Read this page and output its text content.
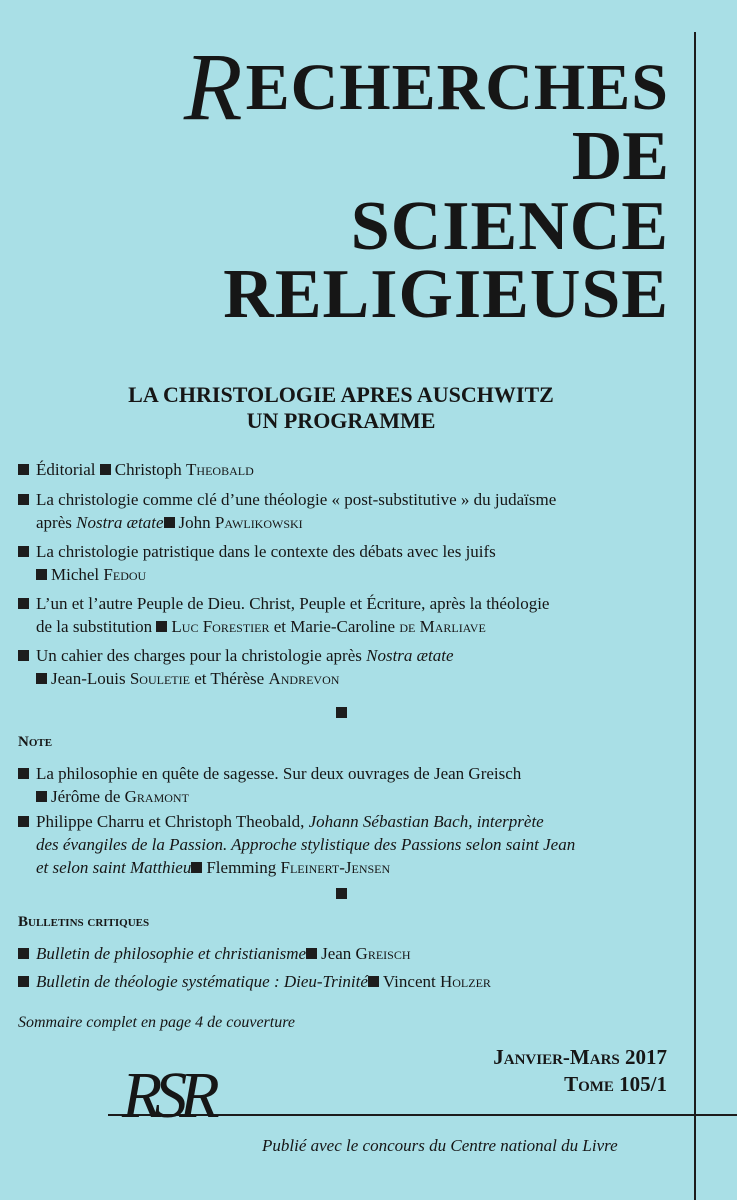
RECHERCHES
DE
SCIENCE
RELIGIEUSE
LA CHRISTOLOGIE APRES AUSCHWITZ
UN PROGRAMME
Éditorial Christoph Theobald
La christologie comme clé d’une théologie « post-substitutive » du judaïsme
après Nostra ætate John Pawlikowski
La christologie patristique dans le contexte des débats avec les juifs
Michel Fedou
L’un et l’autre Peuple de Dieu. Christ, Peuple et Écriture, après la théologie
de la substitution Luc Forestier et Marie-Caroline de Marliave
Un cahier des charges pour la christologie après Nostra ætate
Jean-Louis Souletie et Thérèse Andrevon
Note
La philosophie en quête de sagesse. Sur deux ouvrages de Jean Greisch
Jérôme de Gramont
Philippe Charru et Christoph Theobald, Johann Sébastian Bach, interprète
des évangiles de la Passion. Approche stylistique des Passions selon saint Jean
et selon saint Matthieu Flemming Fleinert-Jensen
Bulletins critiques
Bulletin de philosophie et christianisme Jean Greisch
Bulletin de théologie systématique : Dieu-Trinité Vincent Holzer
Sommaire complet en page 4 de couverture
Janvier-Mars 2017
Tome 105/1
RSR
Publié avec le concours du Centre national du Livre
